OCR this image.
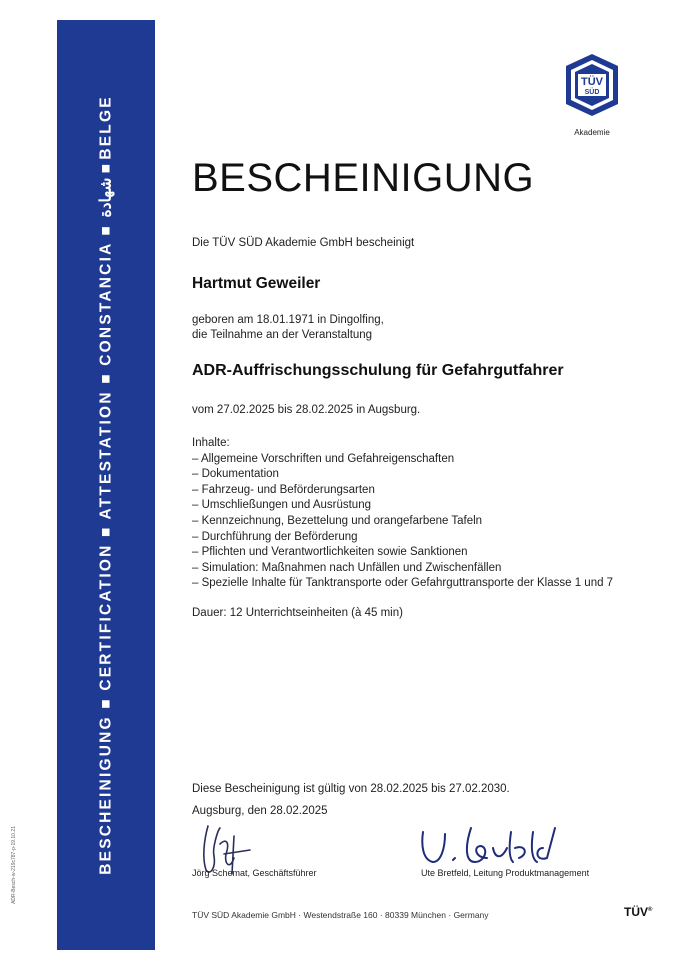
BESCHEINIGUNG ■ CERTIFICATION ■ ATTESTATION ■ CONSTANCIA ■ شهادة ■ BELGE
ADR-Besch-w-219c787-p-19.10.21
TÜV
SÜD
Akademie
BESCHEINIGUNG
Die TÜV SÜD Akademie GmbH bescheinigt
Hartmut Geweiler
geboren am 18.01.1971 in Dingolfing,
die Teilnahme an der Veranstaltung
ADR-Auffrischungsschulung für Gefahrgutfahrer
vom 27.02.2025 bis 28.02.2025 in Augsburg.
Inhalte:
– Allgemeine Vorschriften und Gefahreigenschaften
– Dokumentation
– Fahrzeug- und Beförderungsarten
– Umschließungen und Ausrüstung
– Kennzeichnung, Bezettelung und orangefarbene Tafeln
– Durchführung der Beförderung
– Pflichten und Verantwortlichkeiten sowie Sanktionen
– Simulation: Maßnahmen nach Unfällen und Zwischenfällen
– Spezielle Inhalte für Tanktransporte oder Gefahrguttransporte der Klasse 1 und 7
Dauer: 12 Unterrichtseinheiten (à 45 min)
Diese Bescheinigung ist gültig von 28.02.2025 bis 27.02.2030.
Augsburg, den 28.02.2025
Jörg Schemat, Geschäftsführer	Ute Bretfeld, Leitung Produktmanagement
TÜV SÜD Akademie GmbH · Westendstraße 160 · 80339 München · Germany	TÜV®
